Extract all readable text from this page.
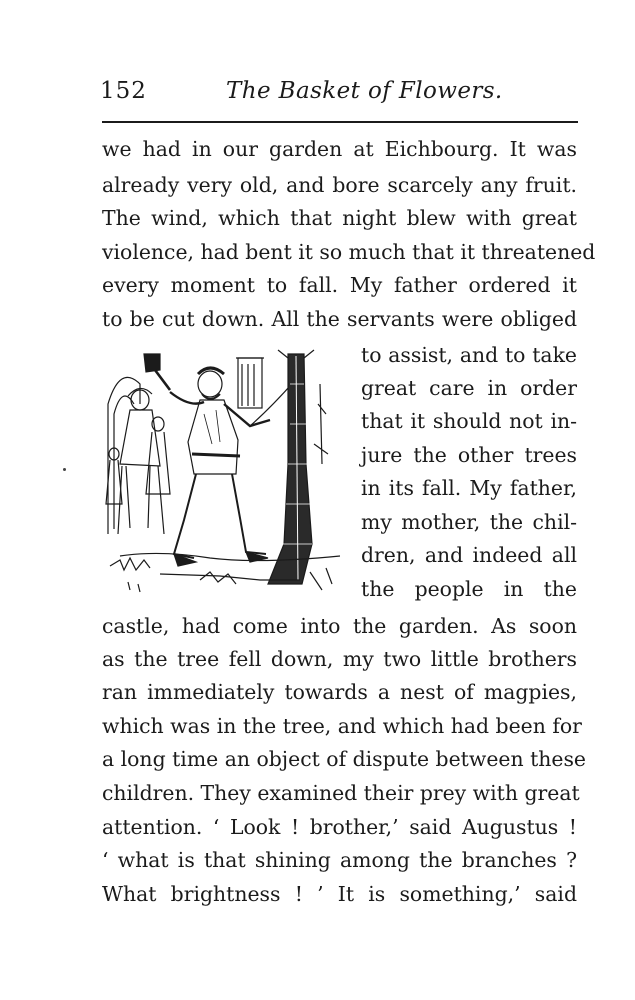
152	The Basket of Flowers.
we had in our garden at Eichbourg. It was
already very old, and bore scarcely any fruit.
The wind, which that night blew with great
violence, had bent it so much that it threatened
every moment to fall. My father ordered it
to be cut down. All the servants were obliged
to assist, and to take
great care in order
that it should not in-
jure the other trees
in its fall. My father,
my mother, the chil-
dren, and indeed all
the people in the
castle, had come into the garden. As soon
as the tree fell down, my two little brothers
ran immediately towards a nest of magpies,
which was in the tree, and which had been for
a long time an object of dispute between these
children. They examined their prey with great
attention. ‘ Look ! brother,’ said Augustus !
‘ what is that shining among the branches ?
What brightness ! ’ It is something,’ said
